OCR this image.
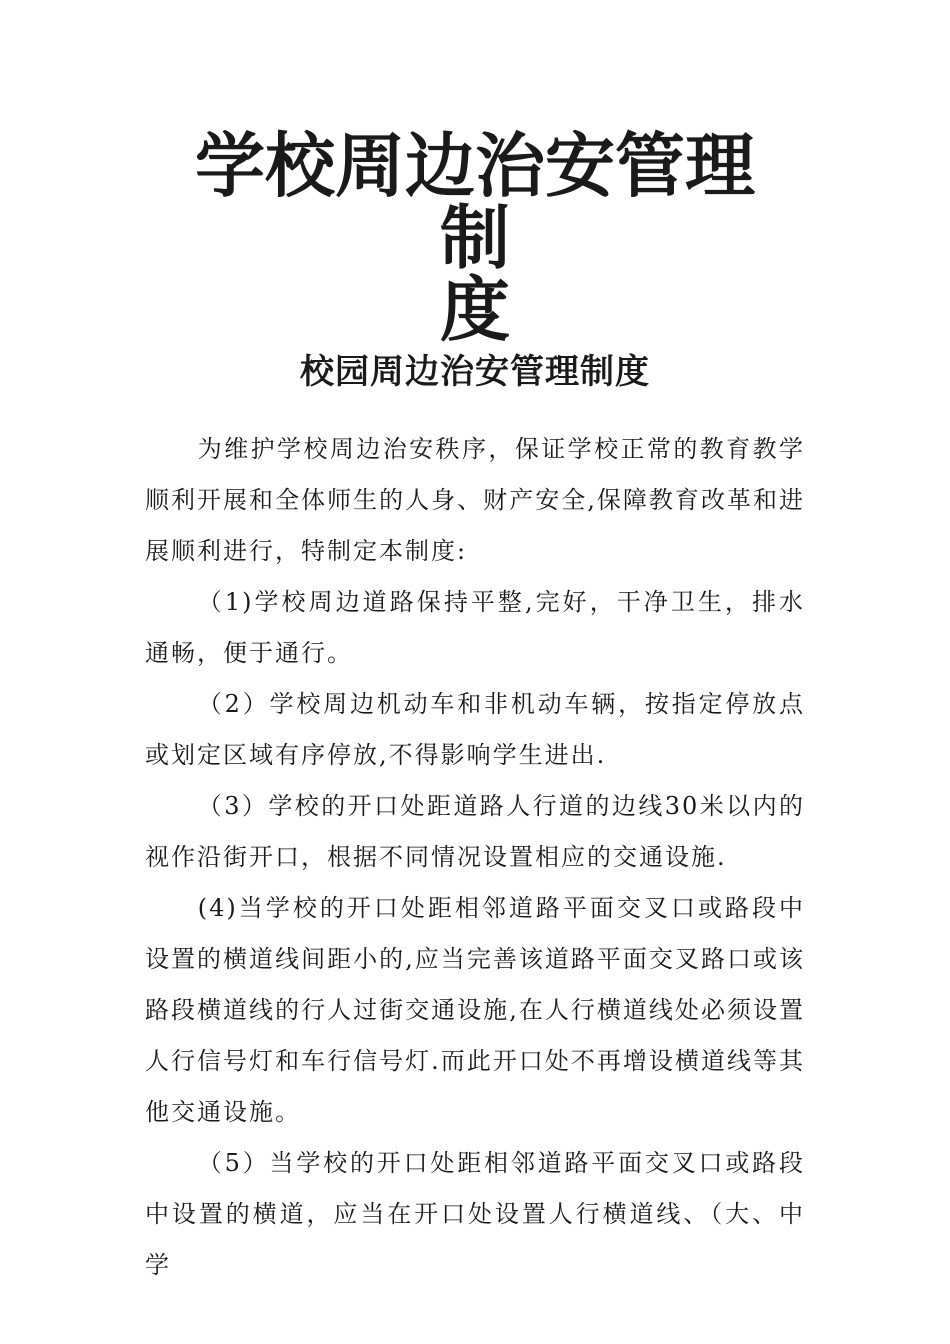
学校周边治安管理
制
度
校园周边治安管理制度

为维护学校周边治安秩序，保证学校正常的教育教学顺利开展和全体师生的人身、财产安全,保障教育改革和进展顺利进行，特制定本制度:

（1)学校周边道路保持平整,完好，干净卫生，排水通畅，便于通行。

（2）学校周边机动车和非机动车辆，按指定停放点或划定区域有序停放,不得影响学生进出.

（3）学校的开口处距道路人行道的边线30米以内的视作沿街开口，根据不同情况设置相应的交通设施.

(4)当学校的开口处距相邻道路平面交叉口或路段中设置的横道线间距小的,应当完善该道路平面交叉路口或该路段横道线的行人过街交通设施,在人行横道线处必须设置人行信号灯和车行信号灯.而此开口处不再增设横道线等其他交通设施。

（5）当学校的开口处距相邻道路平面交叉口或路段中设置的横道，应当在开口处设置人行横道线、（大、中学
